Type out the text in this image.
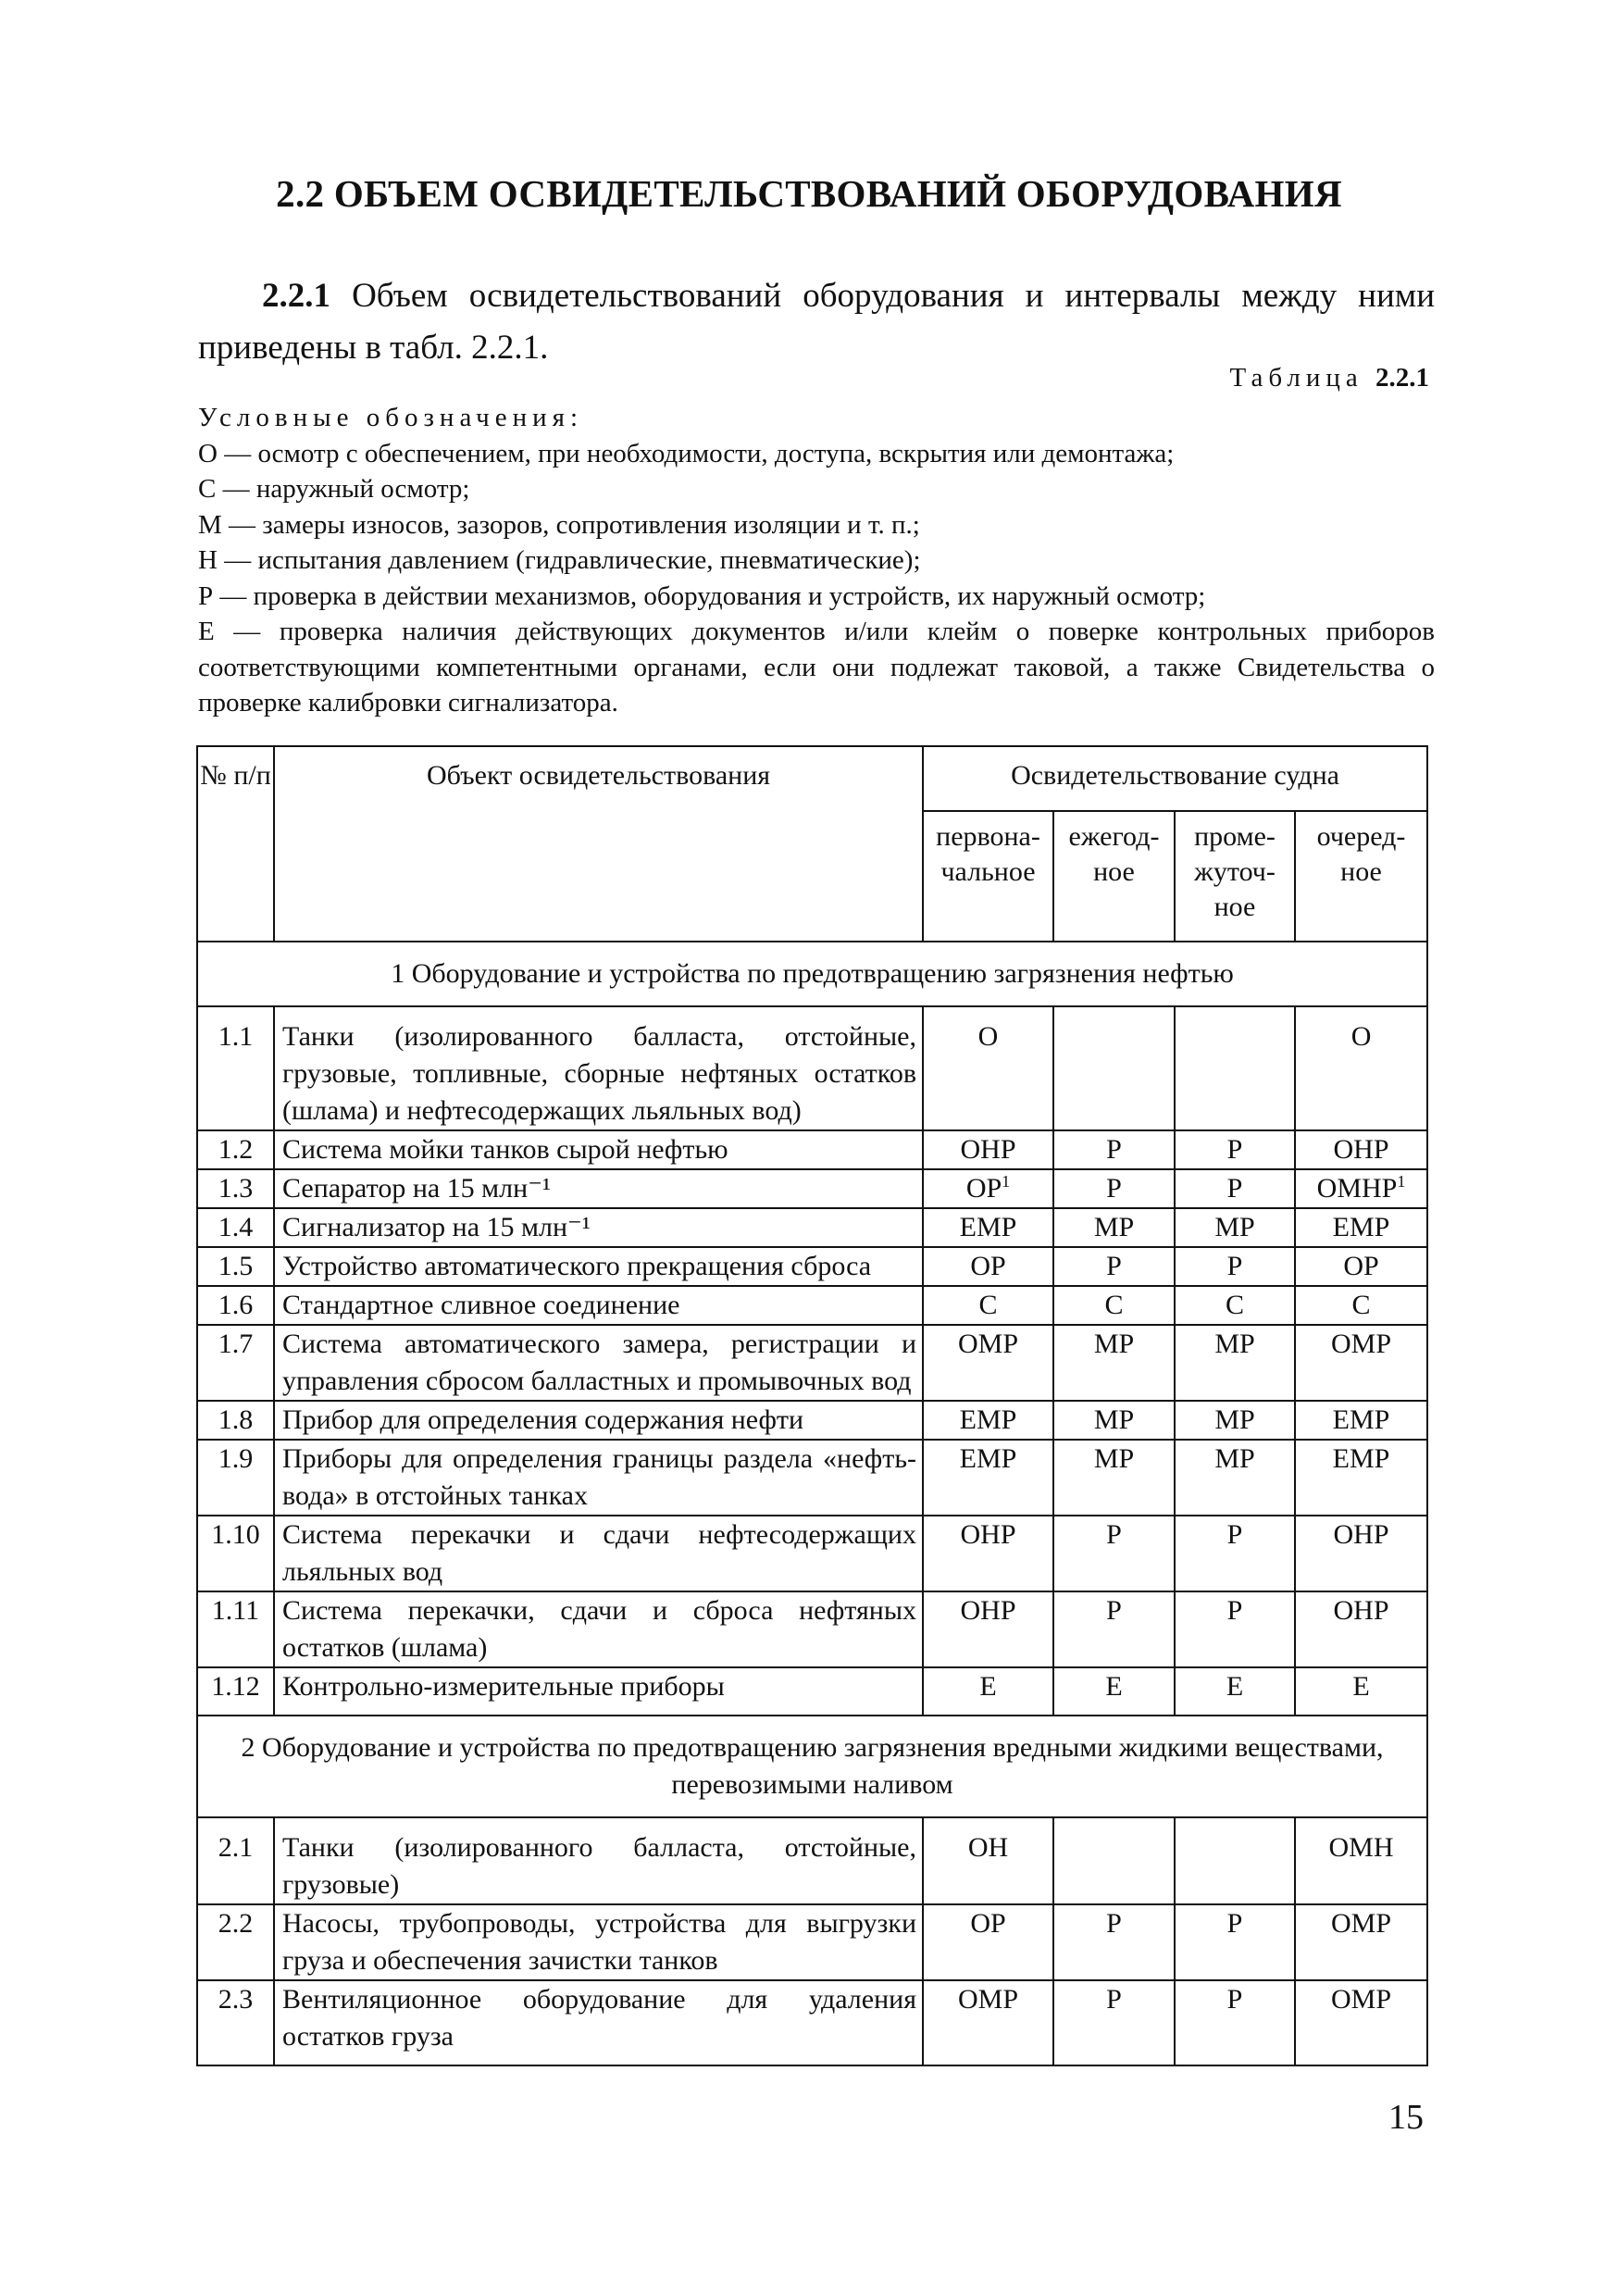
2.2 ОБЪЕМ ОСВИДЕТЕЛЬСТВОВАНИЙ ОБОРУДОВАНИЯ
2.2.1 Объем освидетельствований оборудования и интервалы между ними приведены в табл. 2.2.1.
Таблица 2.2.1
Условные обозначения:
О — осмотр с обеспечением, при необходимости, доступа, вскрытия или демонтажа;
С — наружный осмотр;
М — замеры износов, зазоров, сопротивления изоляции и т. п.;
Н — испытания давлением (гидравлические, пневматические);
Р — проверка в действии механизмов, оборудования и устройств, их наружный осмотр;
Е — проверка наличия действующих документов и/или клейм о поверке контрольных приборов соответствующими компетентными органами, если они подлежат таковой, а также Свидетельства о проверке калибровки сигнализатора.
№ п/п	Объект освидетельствования	Освидетельствование судна			
		первона-чальное	ежегод-ное	проме-жуточ-ное	очеред-ное
1 Оборудование и устройства по предотвращению загрязнения нефтью					
1.1	Танки (изолированного балласта, отстойные, грузовые, топливные, сборные нефтяных остатков (шлама) и нефтесодержащих льяльных вод)	О			О
1.2	Система мойки танков сырой нефтью	ОНР	Р	Р	ОНР
1.3	Сепаратор на 15 млн⁻¹	$ОР^1$	Р	Р	ОМНР$^1$
1.4	Сигнализатор на 15 млн⁻¹	ЕМР	МР	МР	ЕМР
1.5	Устройство автоматического прекращения сброса	ОР	Р	Р	ОР
1.6	Стандартное сливное соединение	С	С	С	С
1.7	Система автоматического замера, регистрации и управления сбросом балластных и промывочных вод	ОМР	МР	МР	ОМР
1.8	Прибор для определения содержания нефти	ЕМР	МР	МР	ЕМР
1.9	Приборы для определения границы раздела «нефть-вода» в отстойных танках	ЕМР	МР	МР	ЕМР
1.10	Система перекачки и сдачи нефтесодержащих льяльных вод	ОНР	Р	Р	ОНР
1.11	Система перекачки, сдачи и сброса нефтяных остатков (шлама)	ОНР	Р	Р	ОНР
1.12	Контрольно-измерительные приборы	Е	Е	Е	Е
2 Оборудование и устройства по предотвращению загрязнения вредными жидкими веществами, перевозимыми наливом					
2.1	Танки (изолированного балласта, отстойные, грузовые)	ОН			ОМН
2.2	Насосы, трубопроводы, устройства для выгрузки груза и обеспечения зачистки танков	ОР	Р	Р	ОМР
2.3	Вентиляционное оборудование для удаления остатков груза	ОМР	Р	Р	ОМР
15
